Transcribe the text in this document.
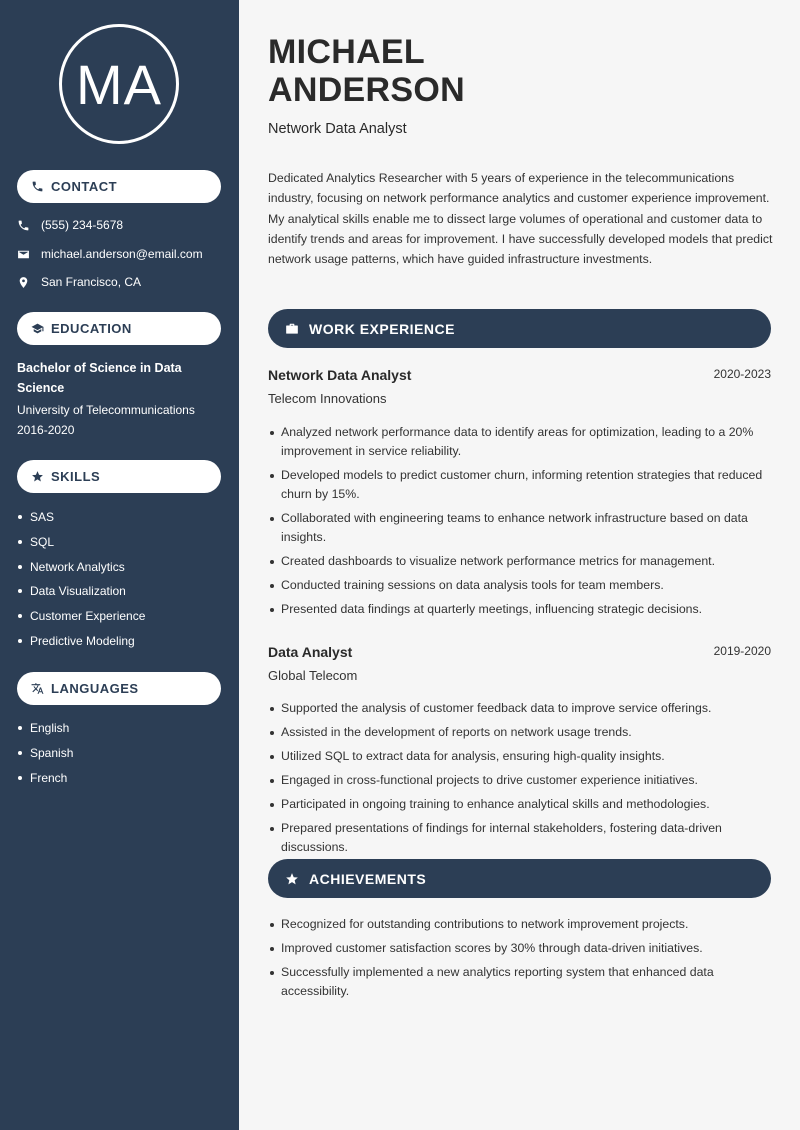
MA
CONTACT
(555) 234-5678
michael.anderson@email.com
San Francisco, CA
EDUCATION
Bachelor of Science in Data Science
University of Telecommunications
2016-2020
SKILLS
SAS
SQL
Network Analytics
Data Visualization
Customer Experience
Predictive Modeling
LANGUAGES
English
Spanish
French
MICHAEL
ANDERSON
Network Data Analyst
Dedicated Analytics Researcher with 5 years of experience in the telecommunications industry, focusing on network performance analytics and customer experience improvement. My analytical skills enable me to dissect large volumes of operational and customer data to identify trends and areas for improvement. I have successfully developed models that predict network usage patterns, which have guided infrastructure investments.
WORK EXPERIENCE
Network Data Analyst	2020-2023
Telecom Innovations
Analyzed network performance data to identify areas for optimization, leading to a 20% improvement in service reliability.
Developed models to predict customer churn, informing retention strategies that reduced churn by 15%.
Collaborated with engineering teams to enhance network infrastructure based on data insights.
Created dashboards to visualize network performance metrics for management.
Conducted training sessions on data analysis tools for team members.
Presented data findings at quarterly meetings, influencing strategic decisions.
Data Analyst	2019-2020
Global Telecom
Supported the analysis of customer feedback data to improve service offerings.
Assisted in the development of reports on network usage trends.
Utilized SQL to extract data for analysis, ensuring high-quality insights.
Engaged in cross-functional projects to drive customer experience initiatives.
Participated in ongoing training to enhance analytical skills and methodologies.
Prepared presentations of findings for internal stakeholders, fostering data-driven discussions.
ACHIEVEMENTS
Recognized for outstanding contributions to network improvement projects.
Improved customer satisfaction scores by 30% through data-driven initiatives.
Successfully implemented a new analytics reporting system that enhanced data accessibility.
